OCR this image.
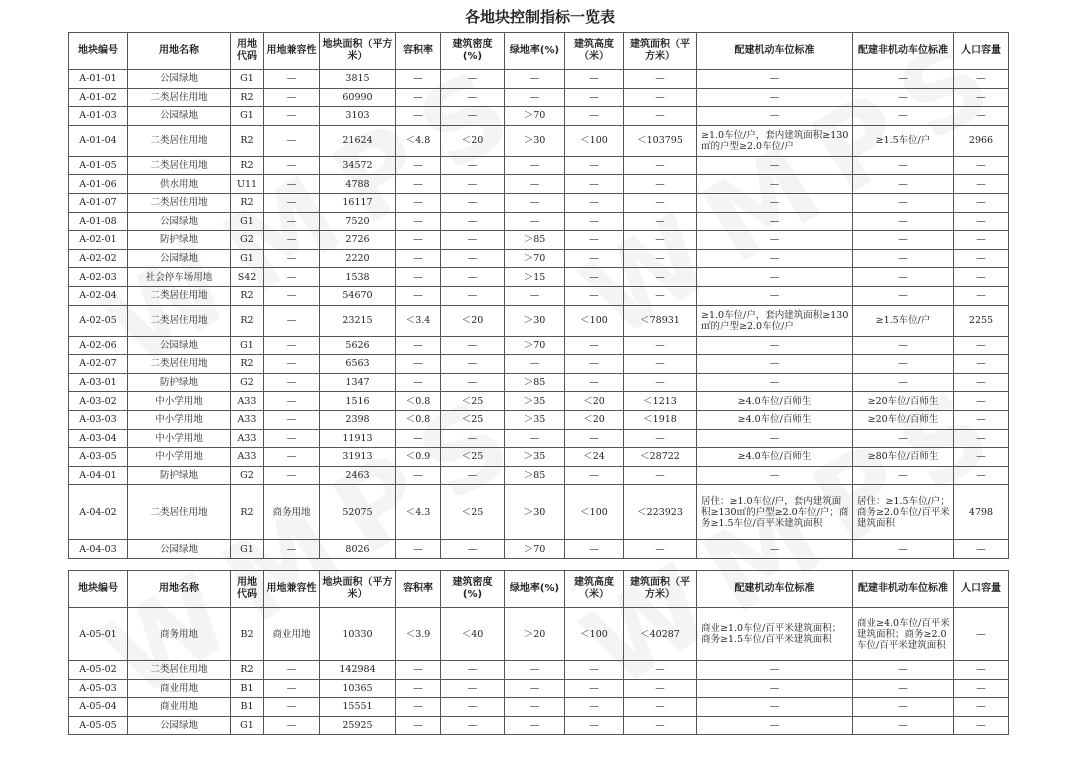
各地块控制指标一览表
地块编号	用地名称	用地代码	用地兼容性	地块面积（平方米）	容积率	建筑密度(%)	绿地率(%)	建筑高度（米）	建筑面积（平方米）	配建机动车位标准	配建非机动车位标准	人口容量
A-01-01	公园绿地	G1	—	3815	—	—	—	—	—	—	—	—
A-01-02	二类居住用地	R2	—	60990	—	—	—	—	—	—	—	—
A-01-03	公园绿地	G1	—	3103	—	—	＞70	—	—	—	—	—
A-01-04	二类居住用地	R2	—	21624	＜4.8	＜20	＞30	＜100	＜103795	≥1.0车位/户，套内建筑面积≥130㎡的户型≥2.0车位/户	≥1.5车位/户	2966
A-01-05	二类居住用地	R2	—	34572	—	—	—	—	—	—	—	—
A-01-06	供水用地	U11	—	4788	—	—	—	—	—	—	—	—
A-01-07	二类居住用地	R2	—	16117	—	—	—	—	—	—	—	—
A-01-08	公园绿地	G1	—	7520	—	—	—	—	—	—	—	—
A-02-01	防护绿地	G2	—	2726	—	—	＞85	—	—	—	—	—
A-02-02	公园绿地	G1	—	2220	—	—	＞70	—	—	—	—	—
A-02-03	社会停车场用地	S42	—	1538	—	—	＞15	—	—	—	—	—
A-02-04	二类居住用地	R2	—	54670	—	—	—	—	—	—	—	—
A-02-05	二类居住用地	R2	—	23215	＜3.4	＜20	＞30	＜100	＜78931	≥1.0车位/户，套内建筑面积≥130㎡的户型≥2.0车位/户	≥1.5车位/户	2255
A-02-06	公园绿地	G1	—	5626	—	—	＞70	—	—	—	—	—
A-02-07	二类居住用地	R2	—	6563	—	—	—	—	—	—	—	—
A-03-01	防护绿地	G2	—	1347	—	—	＞85	—	—	—	—	—
A-03-02	中小学用地	A33	—	1516	＜0.8	＜25	＞35	＜20	＜1213	≥4.0车位/百师生	≥20车位/百师生	—
A-03-03	中小学用地	A33	—	2398	＜0.8	＜25	＞35	＜20	＜1918	≥4.0车位/百师生	≥20车位/百师生	—
A-03-04	中小学用地	A33	—	11913	—	—	—	—	—	—	—	—
A-03-05	中小学用地	A33	—	31913	＜0.9	＜25	＞35	＜24	＜28722	≥4.0车位/百师生	≥80车位/百师生	—
A-04-01	防护绿地	G2	—	2463	—	—	＞85	—	—	—	—	—
A-04-02	二类居住用地	R2	商务用地	52075	＜4.3	＜25	＞30	＜100	＜223923	居住：≥1.0车位/户，套内建筑面积≥130㎡的户型≥2.0车位/户；商务≥1.5车位/百平米建筑面积	居住：≥1.5车位/户；商务≥2.0车位/百平米建筑面积	4798
A-04-03	公园绿地	G1	—	8026	—	—	＞70	—	—	—	—	—
地块编号	用地名称	用地代码	用地兼容性	地块面积（平方米）	容积率	建筑密度(%)	绿地率(%)	建筑高度（米）	建筑面积（平方米）	配建机动车位标准	配建非机动车位标准	人口容量
A-05-01	商务用地	B2	商业用地	10330	＜3.9	＜40	＞20	＜100	＜40287	商业≥1.0车位/百平米建筑面积；商务≥1.5车位/百平米建筑面积	商业≥4.0车位/百平米建筑面积；商务≥2.0车位/百平米建筑面积	—
A-05-02	二类居住用地	R2	—	142984	—	—	—	—	—	—	—	—
A-05-03	商业用地	B1	—	10365	—	—	—	—	—	—	—	—
A-05-04	商业用地	B1	—	15551	—	—	—	—	—	—	—	—
A-05-05	公园绿地	G1	—	25925	—	—	—	—	—	—	—	—
